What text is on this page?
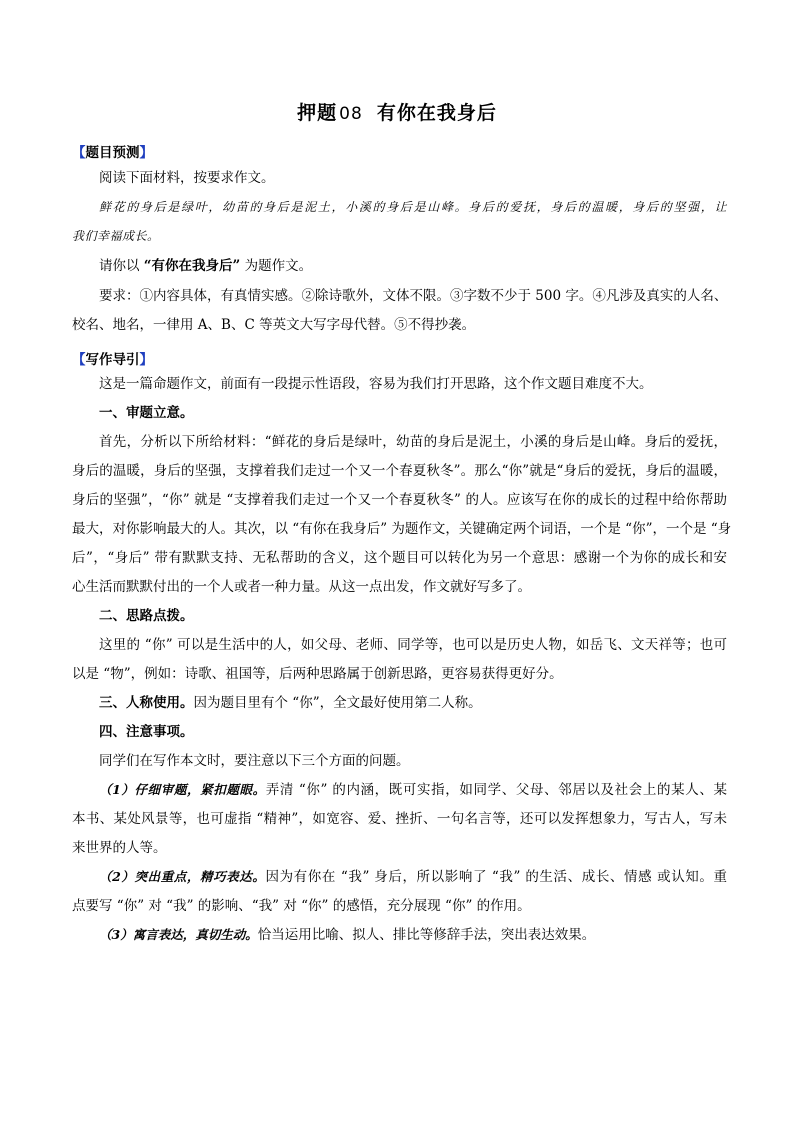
押题 08 有你在我身后
【题目预测】
阅读下面材料，按要求作文。
鲜花的身后是绿叶，幼苗的身后是泥土，小溪的身后是山峰。身后的爱抚，身后的温暖，身后的坚强，让
我们幸福成长。
请你以 “有你在我身后” 为题作文。
要求：①内容具体，有真情实感。②除诗歌外，文体不限。③字数不少于 500 字。④凡涉及真实的人名、
校名、地名，一律用 A、B、C 等英文大写字母代替。⑤不得抄袭。
【写作导引】
这是一篇命题作文，前面有一段提示性语段，容易为我们打开思路，这个作文题目难度不大。
一、审题立意。
首先，分析以下所给材料：“鲜花的身后是绿叶，幼苗的身后是泥土，小溪的身后是山峰。身后的爱抚，
身后的温暖，身后的坚强，支撑着我们走过一个又一个春夏秋冬”。那么“你”就是“身后的爱抚，身后的温暖，
身后的坚强”，“你” 就是 “支撑着我们走过一个又一个春夏秋冬” 的人。应该写在你的成长的过程中给你帮助
最大，对你影响最大的人。其次，以 “有你在我身后” 为题作文，关键确定两个词语，一个是 “你”，一个是 “身
后”，“身后” 带有默默支持、无私帮助的含义，这个题目可以转化为另一个意思：感谢一个为你的成长和安
心生活而默默付出的一个人或者一种力量。从这一点出发，作文就好写多了。
二、思路点拨。
这里的 “你” 可以是生活中的人，如父母、老师、同学等，也可以是历史人物，如岳飞、文天祥等；也可
以是 “物”，例如：诗歌、祖国等，后两种思路属于创新思路，更容易获得更好分。
三、人称使用。因为题目里有个 “你”，全文最好使用第二人称。
四、注意事项。
同学们在写作本文时，要注意以下三个方面的问题。
（1）仔细审题，紧扣题眼。弄清 “你” 的内涵，既可实指，如同学、父母、邻居以及社会上的某人、某
本书、某处风景等，也可虚指 “精神”，如宽容、爱、挫折、一句名言等，还可以发挥想象力，写古人，写未
来世界的人等。
（2）突出重点，精巧表达。因为有你在 “我” 身后，所以影响了 “我” 的生活、成长、情感 或认知。重
点要写 “你” 对 “我” 的影响、“我” 对 “你” 的感悟，充分展现 “你” 的作用。
（3）寓言表达，真切生动。恰当运用比喻、拟人、排比等修辞手法，突出表达效果。
